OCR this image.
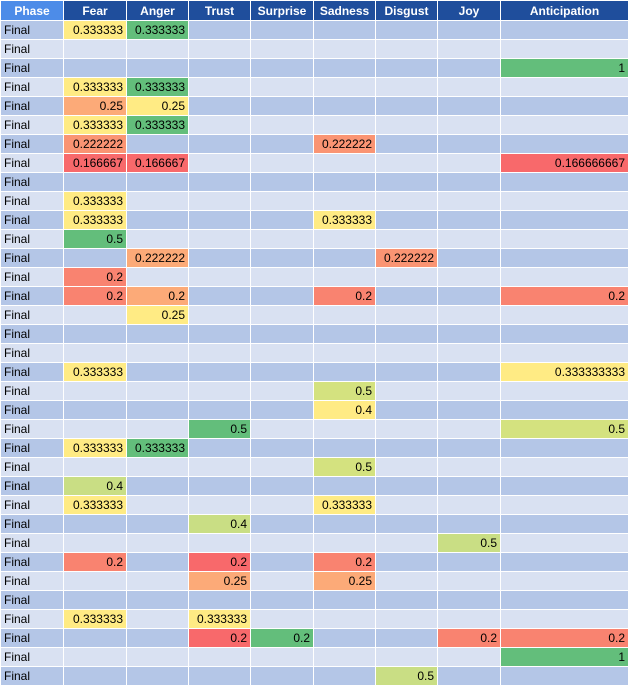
Phase	Fear	Anger	Trust	Surprise	Sadness	Disgust	Joy	Anticipation
Final	0.333333	0.333333						
Final								
Final								1
Final	0.333333	0.333333						
Final	0.25	0.25						
Final	0.333333	0.333333						
Final	0.222222				0.222222			
Final	0.166667	0.166667						0.166666667
Final								
Final	0.333333							
Final	0.333333				0.333333			
Final	0.5							
Final		0.222222				0.222222		
Final	0.2							
Final	0.2	0.2			0.2			0.2
Final		0.25						
Final								
Final								
Final	0.333333							0.333333333
Final					0.5			
Final					0.4			
Final			0.5					0.5
Final	0.333333	0.333333						
Final					0.5			
Final	0.4							
Final	0.333333				0.333333			
Final			0.4					
Final							0.5	
Final	0.2		0.2		0.2			
Final			0.25		0.25			
Final								
Final	0.333333		0.333333					
Final			0.2	0.2			0.2	0.2
Final								1
Final						0.5		
